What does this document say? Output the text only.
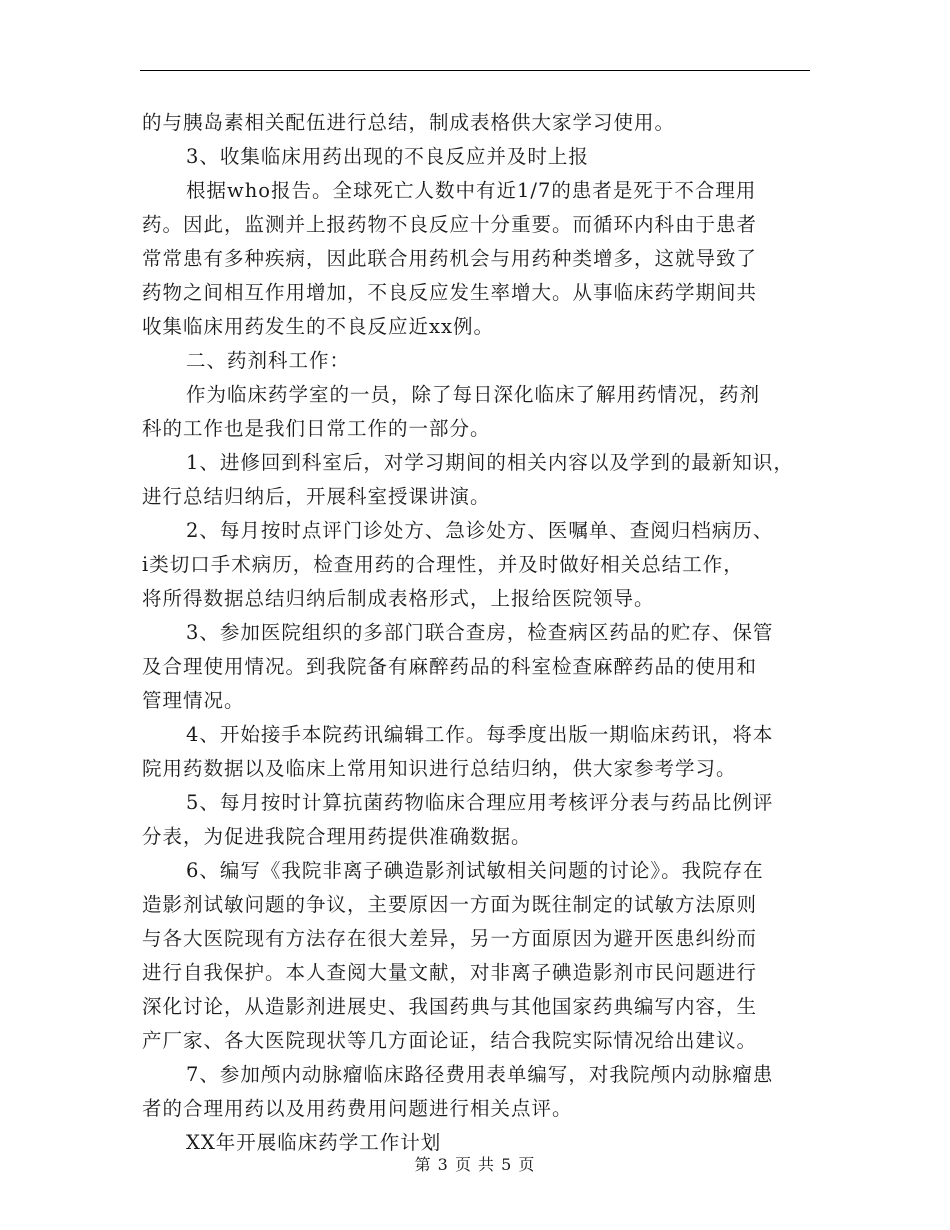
的与胰岛素相关配伍进行总结，制成表格供大家学习使用。
3、收集临床用药出现的不良反应并及时上报
根据who报告。全球死亡人数中有近1/7的患者是死于不合理用
药。因此，监测并上报药物不良反应十分重要。而循环内科由于患者
常常患有多种疾病，因此联合用药机会与用药种类增多，这就导致了
药物之间相互作用增加，不良反应发生率增大。从事临床药学期间共
收集临床用药发生的不良反应近xx例。
二、药剂科工作：
作为临床药学室的一员，除了每日深化临床了解用药情况，药剂
科的工作也是我们日常工作的一部分。
1、进修回到科室后，对学习期间的相关内容以及学到的最新知识，
进行总结归纳后，开展科室授课讲演。
2、每月按时点评门诊处方、急诊处方、医嘱单、查阅归档病历、
ⅰ类切口手术病历，检查用药的合理性，并及时做好相关总结工作，
将所得数据总结归纳后制成表格形式，上报给医院领导。
3、参加医院组织的多部门联合查房，检查病区药品的贮存、保管
及合理使用情况。到我院备有麻醉药品的科室检查麻醉药品的使用和
管理情况。
4、开始接手本院药讯编辑工作。每季度出版一期临床药讯，将本
院用药数据以及临床上常用知识进行总结归纳，供大家参考学习。
5、每月按时计算抗菌药物临床合理应用考核评分表与药品比例评
分表，为促进我院合理用药提供准确数据。
6、编写《我院非离子碘造影剂试敏相关问题的讨论》。我院存在
造影剂试敏问题的争议，主要原因一方面为既往制定的试敏方法原则
与各大医院现有方法存在很大差异，另一方面原因为避开医患纠纷而
进行自我保护。本人查阅大量文献，对非离子碘造影剂市民问题进行
深化讨论，从造影剂进展史、我国药典与其他国家药典编写内容，生
产厂家、各大医院现状等几方面论证，结合我院实际情况给出建议。
7、参加颅内动脉瘤临床路径费用表单编写，对我院颅内动脉瘤患
者的合理用药以及用药费用问题进行相关点评。
XX年开展临床药学工作计划
第 3 页 共 5 页
